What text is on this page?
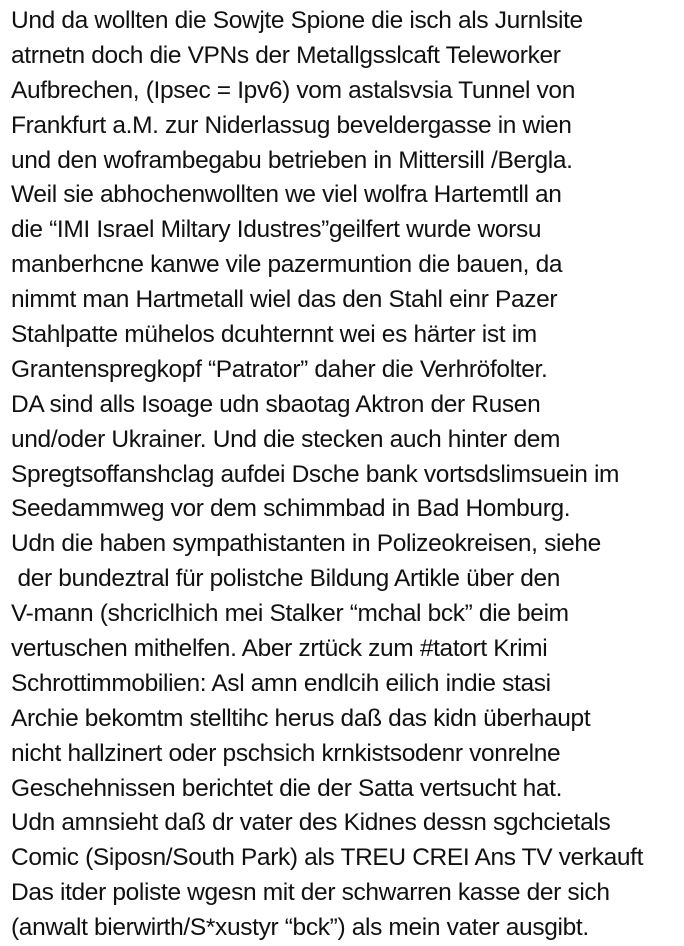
Und da wollten die Sowjte Spione die isch als Jurnlsite
atrnetn doch die VPNs der Metallgsslcaft Teleworker
Aufbrechen, (Ipsec = Ipv6) vom astalsvsia Tunnel von
Frankfurt a.M. zur Niderlassug beveldergasse in wien
und den woframbegabu betrieben in Mittersill /Bergla.
Weil sie abhochenwollten we viel wolfra Hartemtll an
die “IMI Israel Miltary Idustres”geilfert wurde worsu
manberhcne kanwe vile pazermuntion die bauen, da
nimmt man Hartmetall wiel das den Stahl einr Pazer
Stahlpatte mühelos dcuhternnt wei es härter ist im
Grantenspregkopf “Patrator” daher die Verhröfolter.
DA sind alls Isoage udn sbaotag Aktron der Rusen
und/oder Ukrainer. Und die stecken auch hinter dem
Spregtsoffanshclag aufdei Dsche bank vortsdslimsuein im
Seedammweg vor dem schimmbad in Bad Homburg.
Udn die haben sympathistanten in Polizeokreisen, siehe
der bundeztral für polistche Bildung Artikle über den
V-mann (shcriclhich mei Stalker “mchal bck” die beim
vertuschen mithelfen. Aber zrtück zum #tatort Krimi
Schrottimmobilien: Asl amn endlcih eilich indie stasi
Archie bekomtm stelltihc herus daß das kidn überhaupt
nicht hallzinert oder pschsich krnkistsodenr vonrelne
Geschehnissen berichtet die der Satta vertsucht hat.
Udn amnsieht daß dr vater des Kidnes dessn sgchcietals
Comic (Siposn/South Park) als TREU CREI Ans TV verkauft
Das itder poliste wgesn mit der schwarren kasse der sich
(anwalt bierwirth/S*xustyr “bck”) als mein vater ausgibt.
